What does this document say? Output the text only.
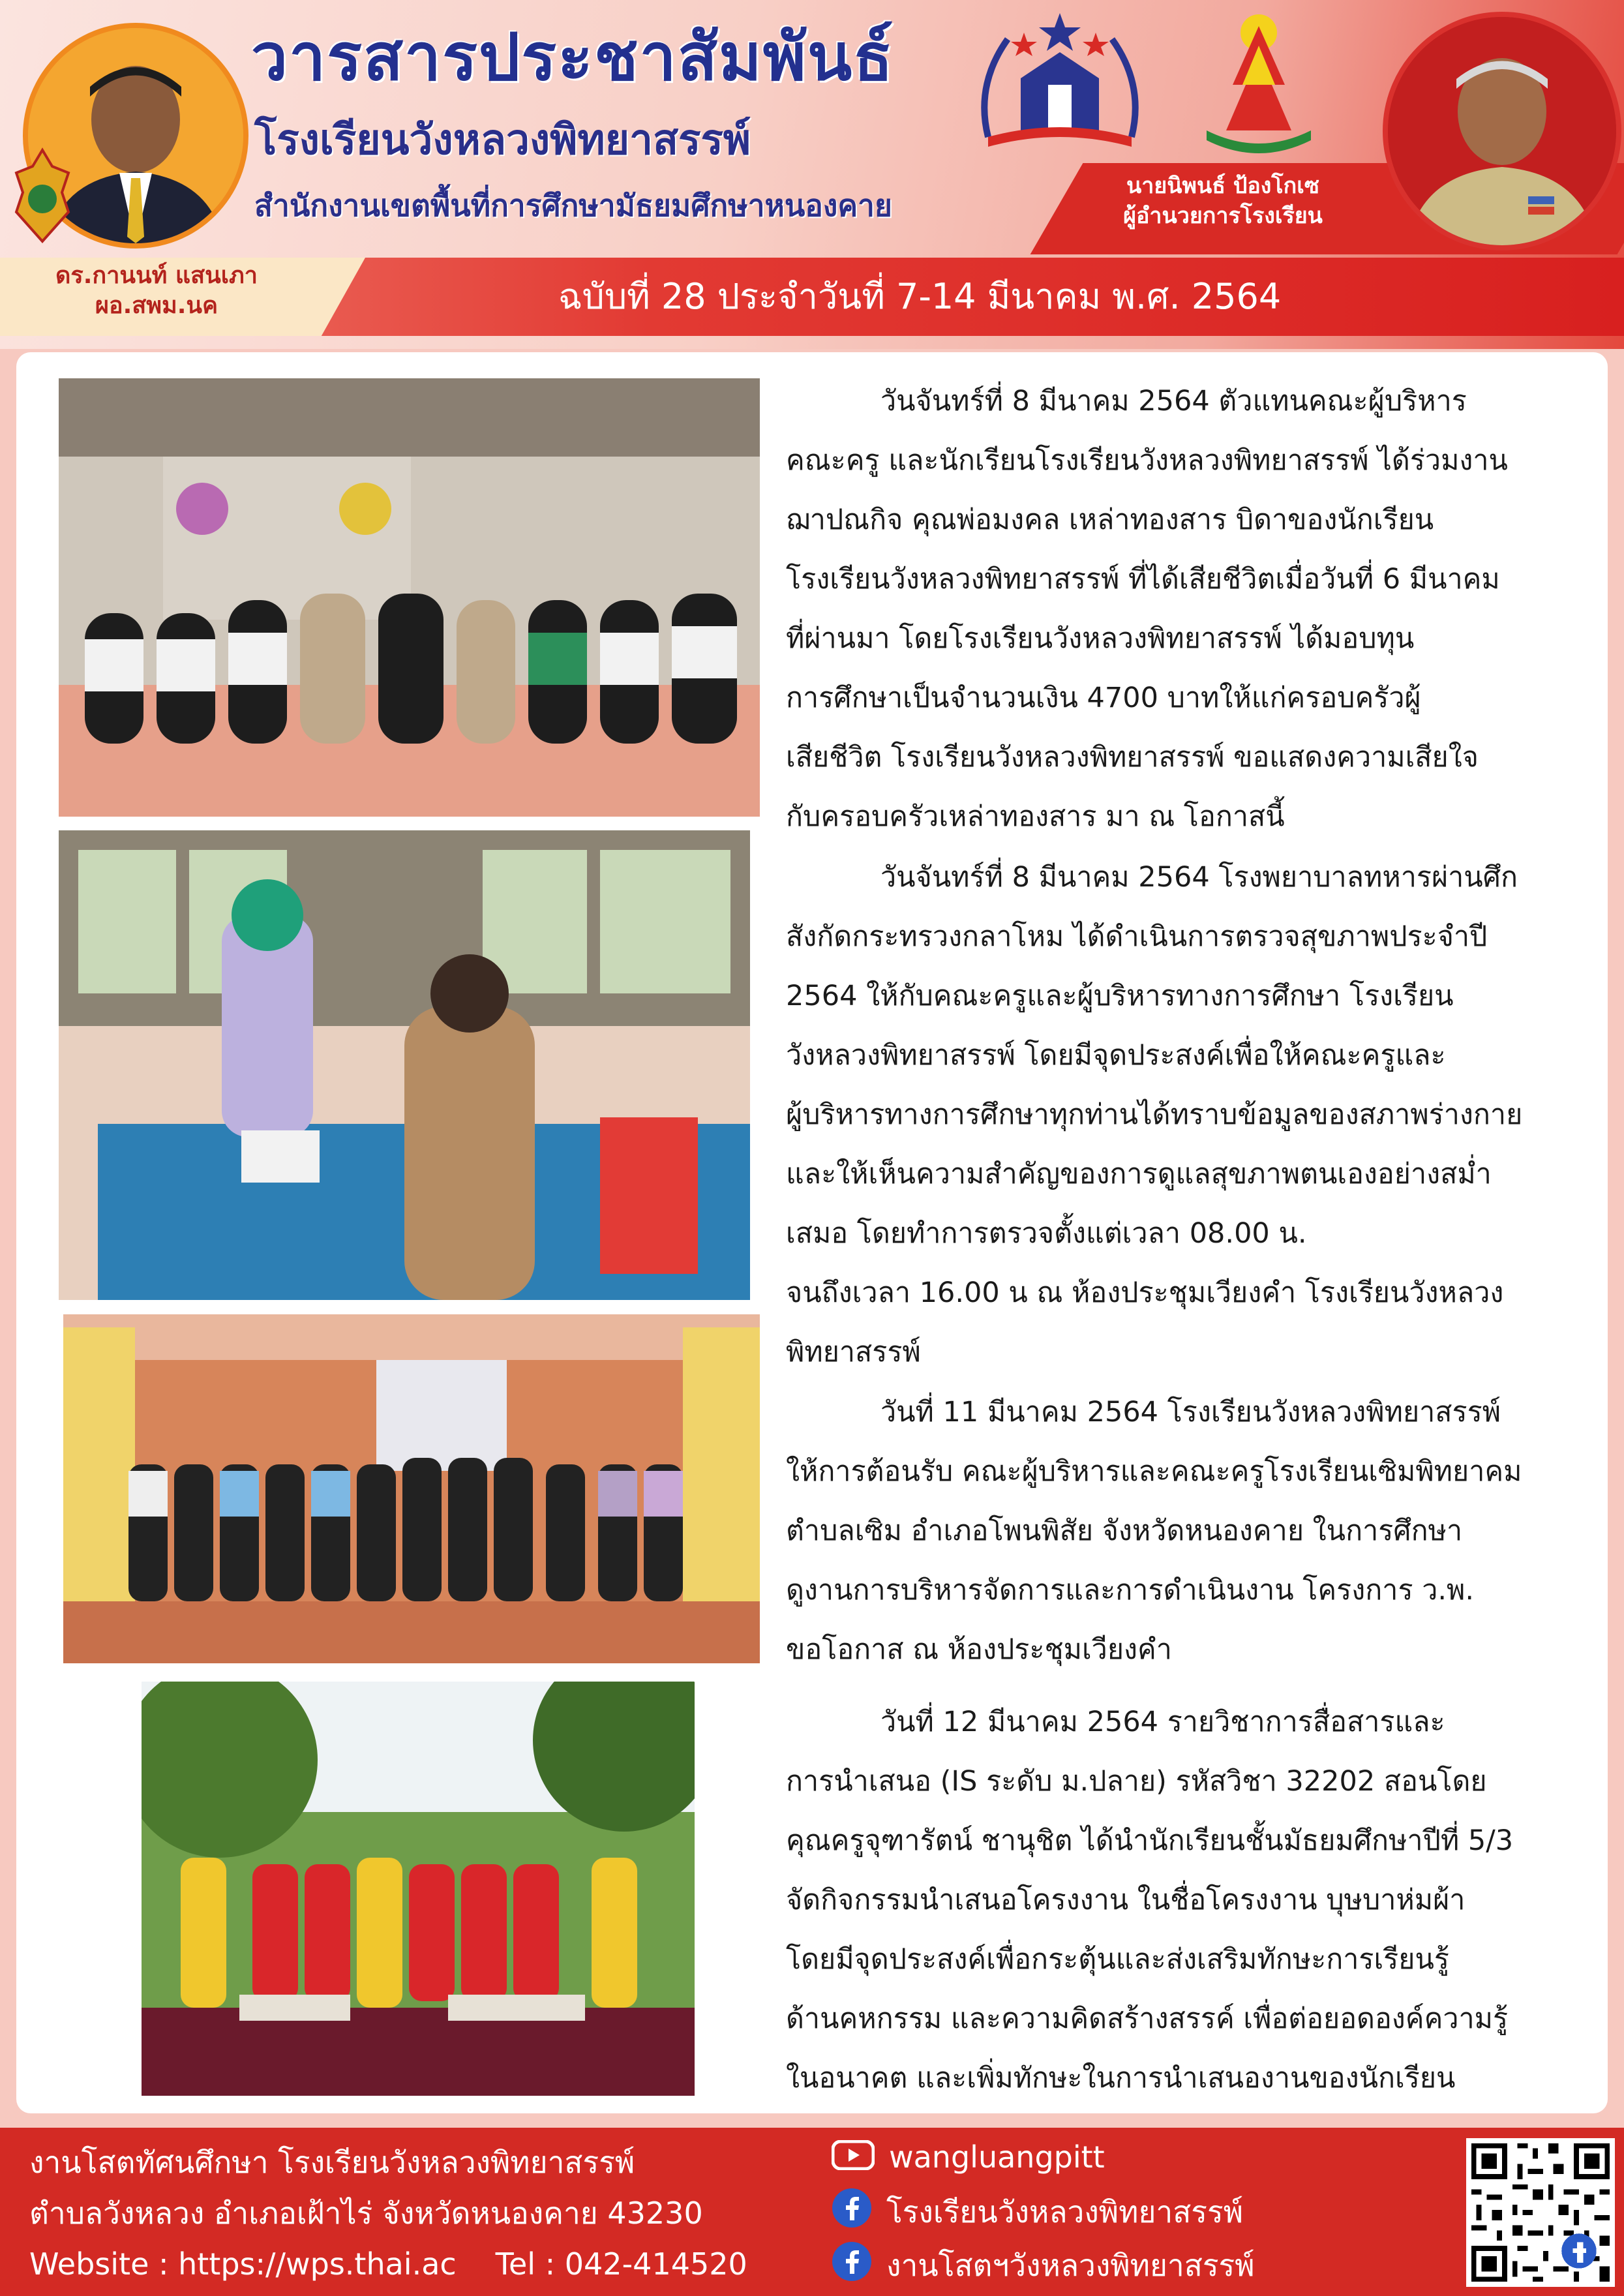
วารสารประชาสัมพันธ์
โรงเรียนวังหลวงพิทยาสรรพ์
สำนักงานเขตพื้นที่การศึกษามัธยมศึกษาหนองคาย
นายนิพนธ์ ป้องโกเซ
ผู้อำนวยการโรงเรียน
ดร.กานนท์ แสนเภา
ผอ.สพม.นค	ฉบับที่ 28 ประจำวันที่ 7-14 มีนาคม พ.ศ. 2564
วันจันทร์ที่ 8 มีนาคม 2564 ตัวแทนคณะผู้บริหาร
คณะครู และนักเรียนโรงเรียนวังหลวงพิทยาสรรพ์ ได้ร่วมงาน
ฌาปณกิจ คุณพ่อมงคล เหล่าทองสาร บิดาของนักเรียน
โรงเรียนวังหลวงพิทยาสรรพ์ ที่ได้เสียชีวิตเมื่อวันที่ 6 มีนาคม
ที่ผ่านมา โดยโรงเรียนวังหลวงพิทยาสรรพ์ ได้มอบทุน
การศึกษาเป็นจำนวนเงิน 4700 บาทให้แก่ครอบครัวผู้
เสียชีวิต โรงเรียนวังหลวงพิทยาสรรพ์ ขอแสดงความเสียใจ
กับครอบครัวเหล่าทองสาร มา ณ โอกาสนี้
วันจันทร์ที่ 8 มีนาคม 2564 โรงพยาบาลทหารผ่านศึก
สังกัดกระทรวงกลาโหม ได้ดำเนินการตรวจสุขภาพประจำปี
2564 ให้กับคณะครูและผู้บริหารทางการศึกษา โรงเรียน
วังหลวงพิทยาสรรพ์ โดยมีจุดประสงค์เพื่อให้คณะครูและ
ผู้บริหารทางการศึกษาทุกท่านได้ทราบข้อมูลของสภาพร่างกาย
และให้เห็นความสำคัญของการดูแลสุขภาพตนเองอย่างสม่ำ
เสมอ โดยทำการตรวจตั้งแต่เวลา 08.00 น.
จนถึงเวลา 16.00 น ณ ห้องประชุมเวียงคำ โรงเรียนวังหลวง
พิทยาสรรพ์
วันที่ 11 มีนาคม 2564 โรงเรียนวังหลวงพิทยาสรรพ์
ให้การต้อนรับ คณะผู้บริหารและคณะครูโรงเรียนเซิมพิทยาคม
ตำบลเซิม อำเภอโพนพิสัย จังหวัดหนองคาย ในการศึกษา
ดูงานการบริหารจัดการและการดำเนินงาน โครงการ ว.พ.
ขอโอกาส ณ ห้องประชุมเวียงคำ
วันที่ 12 มีนาคม 2564 รายวิชาการสื่อสารและ
การนำเสนอ (IS ระดับ ม.ปลาย) รหัสวิชา 32202 สอนโดย
คุณครูจุฑารัตน์ ชานุชิต ได้นำนักเรียนชั้นมัธยมศึกษาปีที่ 5/3
จัดกิจกรรมนำเสนอโครงงาน ในชื่อโครงงาน บุษบาห่มผ้า
โดยมีจุดประสงค์เพื่อกระตุ้นและส่งเสริมทักษะการเรียนรู้
ด้านคหกรรม และความคิดสร้างสรรค์ เพื่อต่อยอดองค์ความรู้
ในอนาคต และเพิ่มทักษะในการนำเสนองานของนักเรียน
งานโสตทัศนศึกษา โรงเรียนวังหลวงพิทยาสรรพ์
ตำบลวังหลวง อำเภอเฝ้าไร่ จังหวัดหนองคาย 43230
Website : https://wps.thai.ac Tel : 042-414520
wangluangpitt
โรงเรียนวังหลวงพิทยาสรรพ์
งานโสตฯวังหลวงพิทยาสรรพ์
